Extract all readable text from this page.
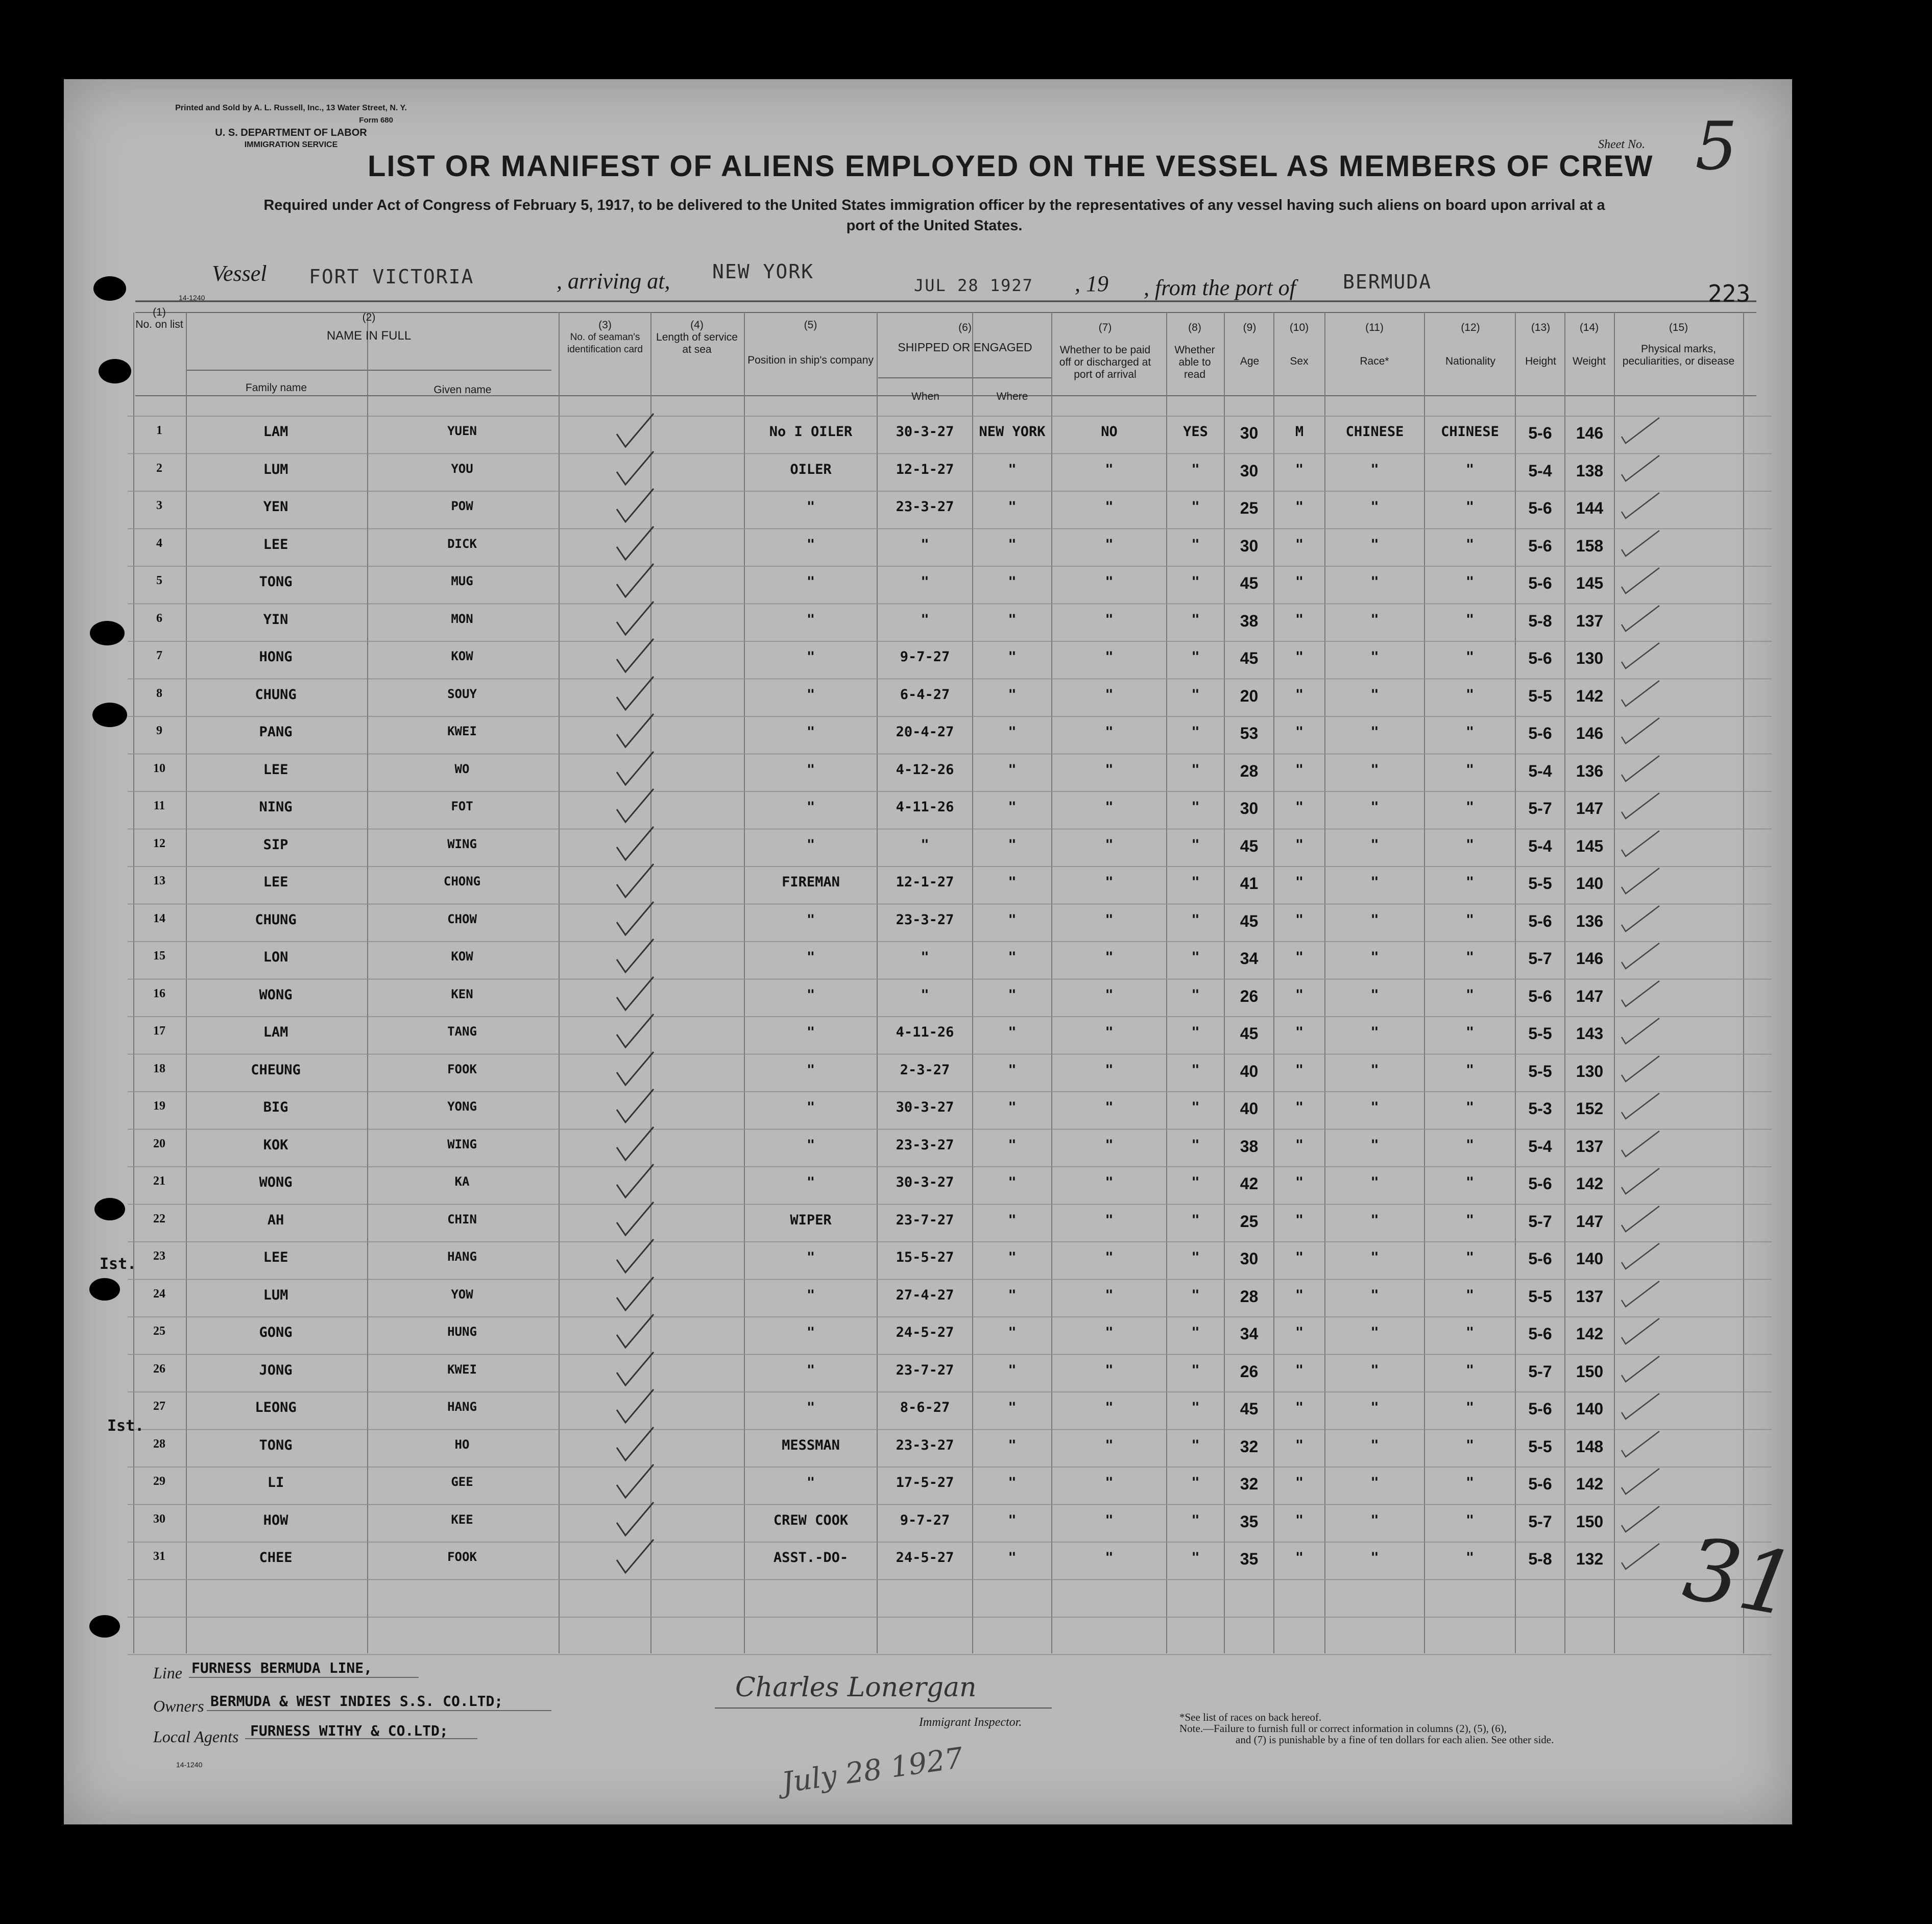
Printed and Sold by A. L. Russell, Inc., 13 Water Street, N. Y.
Form 680
U. S. DEPARTMENT OF LABOR
IMMIGRATION SERVICE	Sheet No. 5
LIST OR MANIFEST OF ALIENS EMPLOYED ON THE VESSEL AS MEMBERS OF CREW
Required under Act of Congress of February 5, 1917, to be delivered to the United States immigration officer by the representatives of any vessel having such aliens on board upon arrival at a
port of the United States.
Vessel FORT VICTORIA	, arriving at, NEW YORK
JUL 28 1927 , 19 , from the port of BERMUDA	223
14-1240
(1)
No. on list
(2)
NAME IN FULL
Family name	Given name
(3)
No. of seaman's identification card
(4)
Length of service at sea
(5)
Position in ship's company
(6)
SHIPPED OR ENGAGED
When	Where
(7)
Whether to be paid off or discharged at port of arrival
(8)
Whether able to read
(9)
Age
(10)
Sex
(11)
Race*
(12)
Nationality
(13)
Height
(14)
Weight
(15)
Physical marks, peculiarities, or disease
1	LAM	YUEN	No I OILER	30-3-27	NEW YORK	NO	YES	30	M	CHINESE	CHINESE	5-6	146
2	LUM	YOU	OILER	12-1-27	"	"	"	30	"	"	"	5-4	138
3	YEN	POW	"	23-3-27	"	"	"	25	"	"	"	5-6	144
4	LEE	DICK	"	"	"	"	"	30	"	"	"	5-6	158
5	TONG	MUG	"	"	"	"	"	45	"	"	"	5-6	145
6	YIN	MON	"	"	"	"	"	38	"	"	"	5-8	137
7	HONG	KOW	"	9-7-27	"	"	"	45	"	"	"	5-6	130
8	CHUNG	SOUY	"	6-4-27	"	"	"	20	"	"	"	5-5	142
9	PANG	KWEI	"	20-4-27	"	"	"	53	"	"	"	5-6	146
10	LEE	WO	"	4-12-26	"	"	"	28	"	"	"	5-4	136
11	NING	FOT	"	4-11-26	"	"	"	30	"	"	"	5-7	147
12	SIP	WING	"	"	"	"	"	45	"	"	"	5-4	145
13	LEE	CHONG	FIREMAN	12-1-27	"	"	"	41	"	"	"	5-5	140
14	CHUNG	CHOW	"	23-3-27	"	"	"	45	"	"	"	5-6	136
15	LON	KOW	"	"	"	"	"	34	"	"	"	5-7	146
16	WONG	KEN	"	"	"	"	"	26	"	"	"	5-6	147
17	LAM	TANG	"	4-11-26	"	"	"	45	"	"	"	5-5	143
18	CHEUNG	FOOK	"	2-3-27	"	"	"	40	"	"	"	5-5	130
19	BIG	YONG	"	30-3-27	"	"	"	40	"	"	"	5-3	152
20	KOK	WING	"	23-3-27	"	"	"	38	"	"	"	5-4	137
21	WONG	KA	"	30-3-27	"	"	"	42	"	"	"	5-6	142
22	AH	CHIN	WIPER	23-7-27	"	"	"	25	"	"	"	5-7	147
23	LEE	HANG	"	15-5-27	"	"	"	30	"	"	"	5-6	140
24	LUM	YOW	"	27-4-27	"	"	"	28	"	"	"	5-5	137
25	GONG	HUNG	"	24-5-27	"	"	"	34	"	"	"	5-6	142
26	JONG	KWEI	"	23-7-27	"	"	"	26	"	"	"	5-7	150
27	LEONG	HANG	"	8-6-27	"	"	"	45	"	"	"	5-6	140
28	TONG	HO	MESSMAN	23-3-27	"	"	"	32	"	"	"	5-5	148
29	LI	GEE	"	17-5-27	"	"	"	32	"	"	"	5-6	142
30	HOW	KEE	CREW COOK	9-7-27	"	"	"	35	"	"	"	5-7	150
31	CHEE	FOOK	ASST.-DO-	24-5-27	"	"	"	35	"	"	"	5-8	132
Ist.
Ist.
31
Line FURNESS BERMUDA LINE,
Owners BERMUDA & WEST INDIES S.S. CO.LTD;
Local Agents FURNESS WITHY & CO.LTD;
14-1240
Charles Lonergan
Immigrant Inspector.	*See list of races on back hereof.
Note.—Failure to furnish full or correct information in columns (2), (5), (6),
and (7) is punishable by a fine of ten dollars for each alien. See other side.
July 28 1927
